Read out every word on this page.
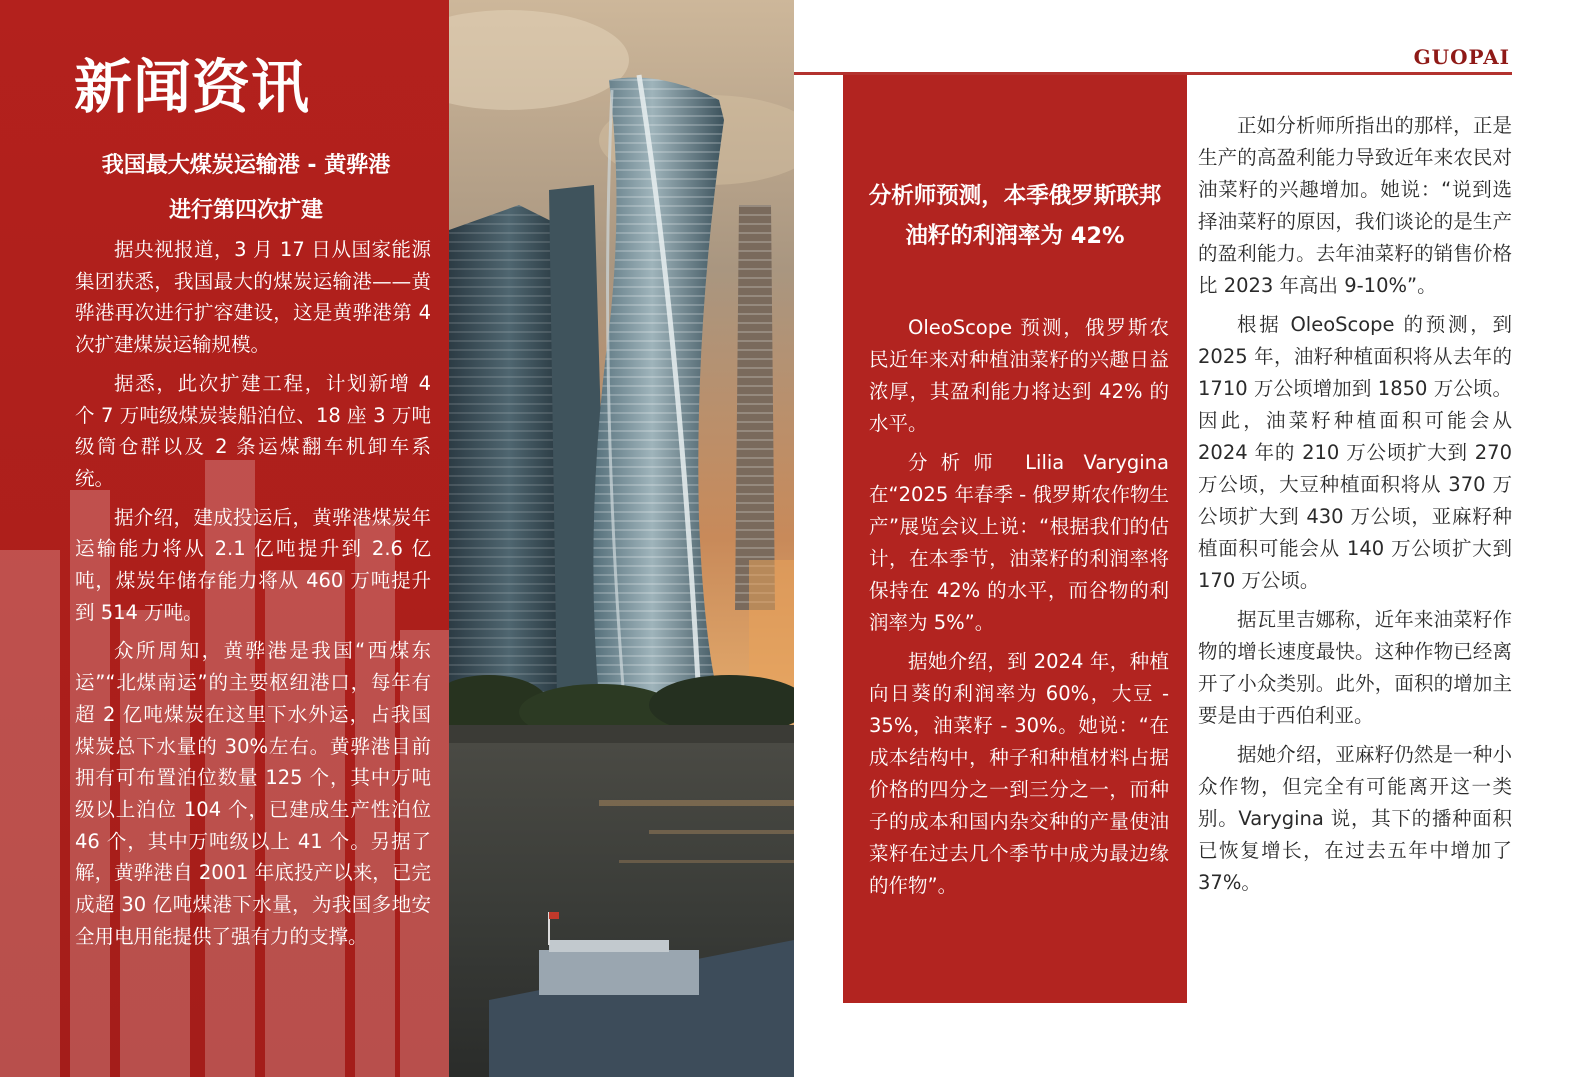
新闻资讯
我国最大煤炭运输港 - 黄骅港
进行第四次扩建

据央视报道，3 月 17 日从国家能源集团获悉，我国最大的煤炭运输港——黄骅港再次进行扩容建设，这是黄骅港第 4 次扩建煤炭运输规模。

据悉，此次扩建工程，计划新增 4 个 7 万吨级煤炭装船泊位、18 座 3 万吨级筒仓群以及 2 条运煤翻车机卸车系统。

据介绍，建成投运后，黄骅港煤炭年运输能力将从 2.1 亿吨提升到 2.6 亿吨，煤炭年储存能力将从 460 万吨提升到 514 万吨。

众所周知，黄骅港是我国“西煤东运”“北煤南运”的主要枢纽港口，每年有超 2 亿吨煤炭在这里下水外运，占我国煤炭总下水量的 30%左右。黄骅港目前拥有可布置泊位数量 125 个，其中万吨级以上泊位 104 个，已建成生产性泊位 46 个，其中万吨级以上 41 个。另据了解，黄骅港自 2001 年底投产以来，已完成超 30 亿吨煤港下水量，为我国多地安全用电用能提供了强有力的支撑。

GUOPAI
分析师预测，本季俄罗斯联邦
油籽的利润率为 42%

OleoScope 预测，俄罗斯农民近年来对种植油菜籽的兴趣日益浓厚，其盈利能力将达到 42% 的水平。

分析师 Lilia Varygina 在“2025 年春季 - 俄罗斯农作物生产”展览会议上说：“根据我们的估计，在本季节，油菜籽的利润率将保持在 42% 的水平，而谷物的利润率为 5%”。

据她介绍，到 2024 年，种植向日葵的利润率为 60%，大豆 - 35%，油菜籽 - 30%。她说：“在成本结构中，种子和种植材料占据价格的四分之一到三分之一，而种子的成本和国内杂交种的产量使油菜籽在过去几个季节中成为最边缘的作物”。

正如分析师所指出的那样，正是生产的高盈利能力导致近年来农民对油菜籽的兴趣增加。她说：“说到选择油菜籽的原因，我们谈论的是生产的盈利能力。去年油菜籽的销售价格比 2023 年高出 9-10%”。

根据 OleoScope 的预测，到 2025 年，油籽种植面积将从去年的 1710 万公顷增加到 1850 万公顷。因此，油菜籽种植面积可能会从 2024 年的 210 万公顷扩大到 270 万公顷，大豆种植面积将从 370 万公顷扩大到 430 万公顷，亚麻籽种植面积可能会从 140 万公顷扩大到 170 万公顷。

据瓦里吉娜称，近年来油菜籽作物的增长速度最快。这种作物已经离开了小众类别。此外，面积的增加主要是由于西伯利亚。

据她介绍，亚麻籽仍然是一种小众作物，但完全有可能离开这一类别。Varygina 说，其下的播种面积已恢复增长，在过去五年中增加了 37%。
